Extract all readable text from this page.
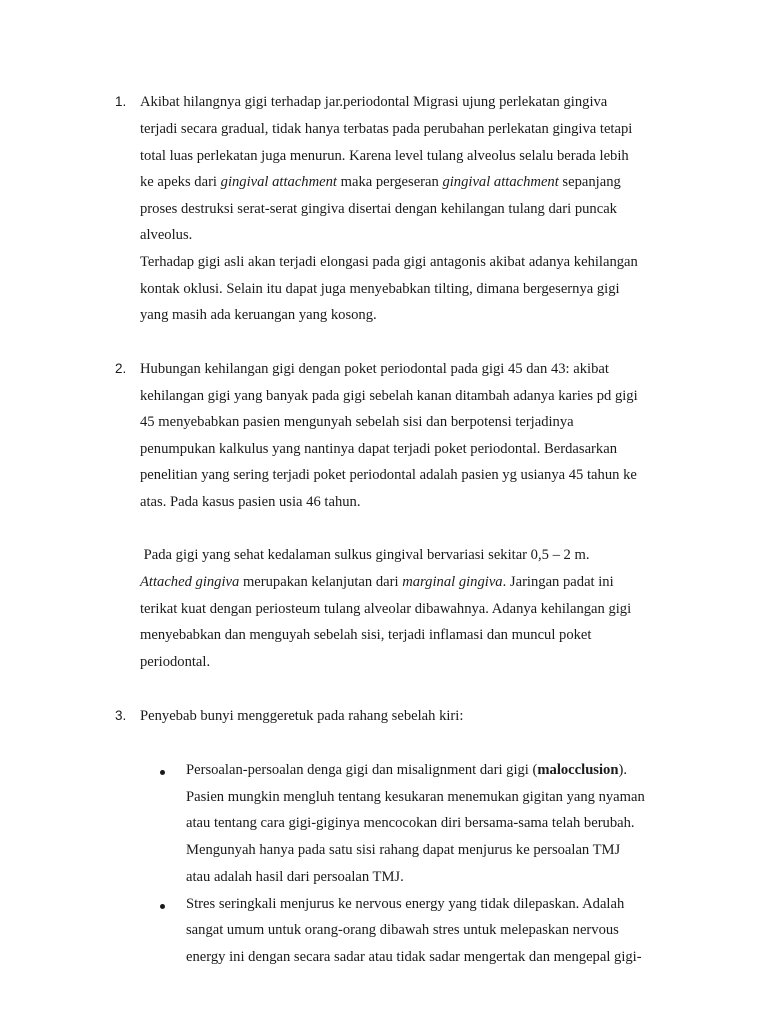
1. Akibat hilangnya gigi terhadap jar.periodontal Migrasi ujung perlekatan gingiva
terjadi secara gradual, tidak hanya terbatas pada perubahan perlekatan gingiva tetapi
total luas perlekatan juga menurun. Karena level tulang alveolus selalu berada lebih
ke apeks dari gingival attachment maka pergeseran gingival attachment sepanjang
proses destruksi serat-serat gingiva disertai dengan kehilangan tulang dari puncak
alveolus.
Terhadap gigi asli akan terjadi elongasi pada gigi antagonis akibat adanya kehilangan
kontak oklusi. Selain itu dapat juga menyebabkan tilting, dimana bergesernya gigi
yang masih ada keruangan yang kosong.
2. Hubungan kehilangan gigi dengan poket periodontal pada gigi 45 dan 43: akibat
kehilangan gigi yang banyak pada gigi sebelah kanan ditambah adanya karies pd gigi
45 menyebabkan pasien mengunyah sebelah sisi dan berpotensi terjadinya
penumpukan kalkulus yang nantinya dapat terjadi poket periodontal. Berdasarkan
penelitian yang sering terjadi poket periodontal adalah pasien yg usianya 45 tahun ke
atas. Pada kasus pasien usia 46 tahun.
Pada gigi yang sehat kedalaman sulkus gingival bervariasi sekitar 0,5 – 2 m.
Attached gingiva merupakan kelanjutan dari marginal gingiva. Jaringan padat ini
terikat kuat dengan periosteum tulang alveolar dibawahnya. Adanya kehilangan gigi
menyebabkan dan menguyah sebelah sisi, terjadi inflamasi dan muncul poket
periodontal.
3. Penyebab bunyi menggeretuk pada rahang sebelah kiri:
Persoalan-persoalan denga gigi dan misalignment dari gigi (malocclusion).
Pasien mungkin mengluh tentang kesukaran menemukan gigitan yang nyaman
atau tentang cara gigi-giginya mencocokan diri bersama-sama telah berubah.
Mengunyah hanya pada satu sisi rahang dapat menjurus ke persoalan TMJ
atau adalah hasil dari persoalan TMJ.
Stres seringkali menjurus ke nervous energy yang tidak dilepaskan. Adalah
sangat umum untuk orang-orang dibawah stres untuk melepaskan nervous
energy ini dengan secara sadar atau tidak sadar mengertak dan mengepal gigi-
